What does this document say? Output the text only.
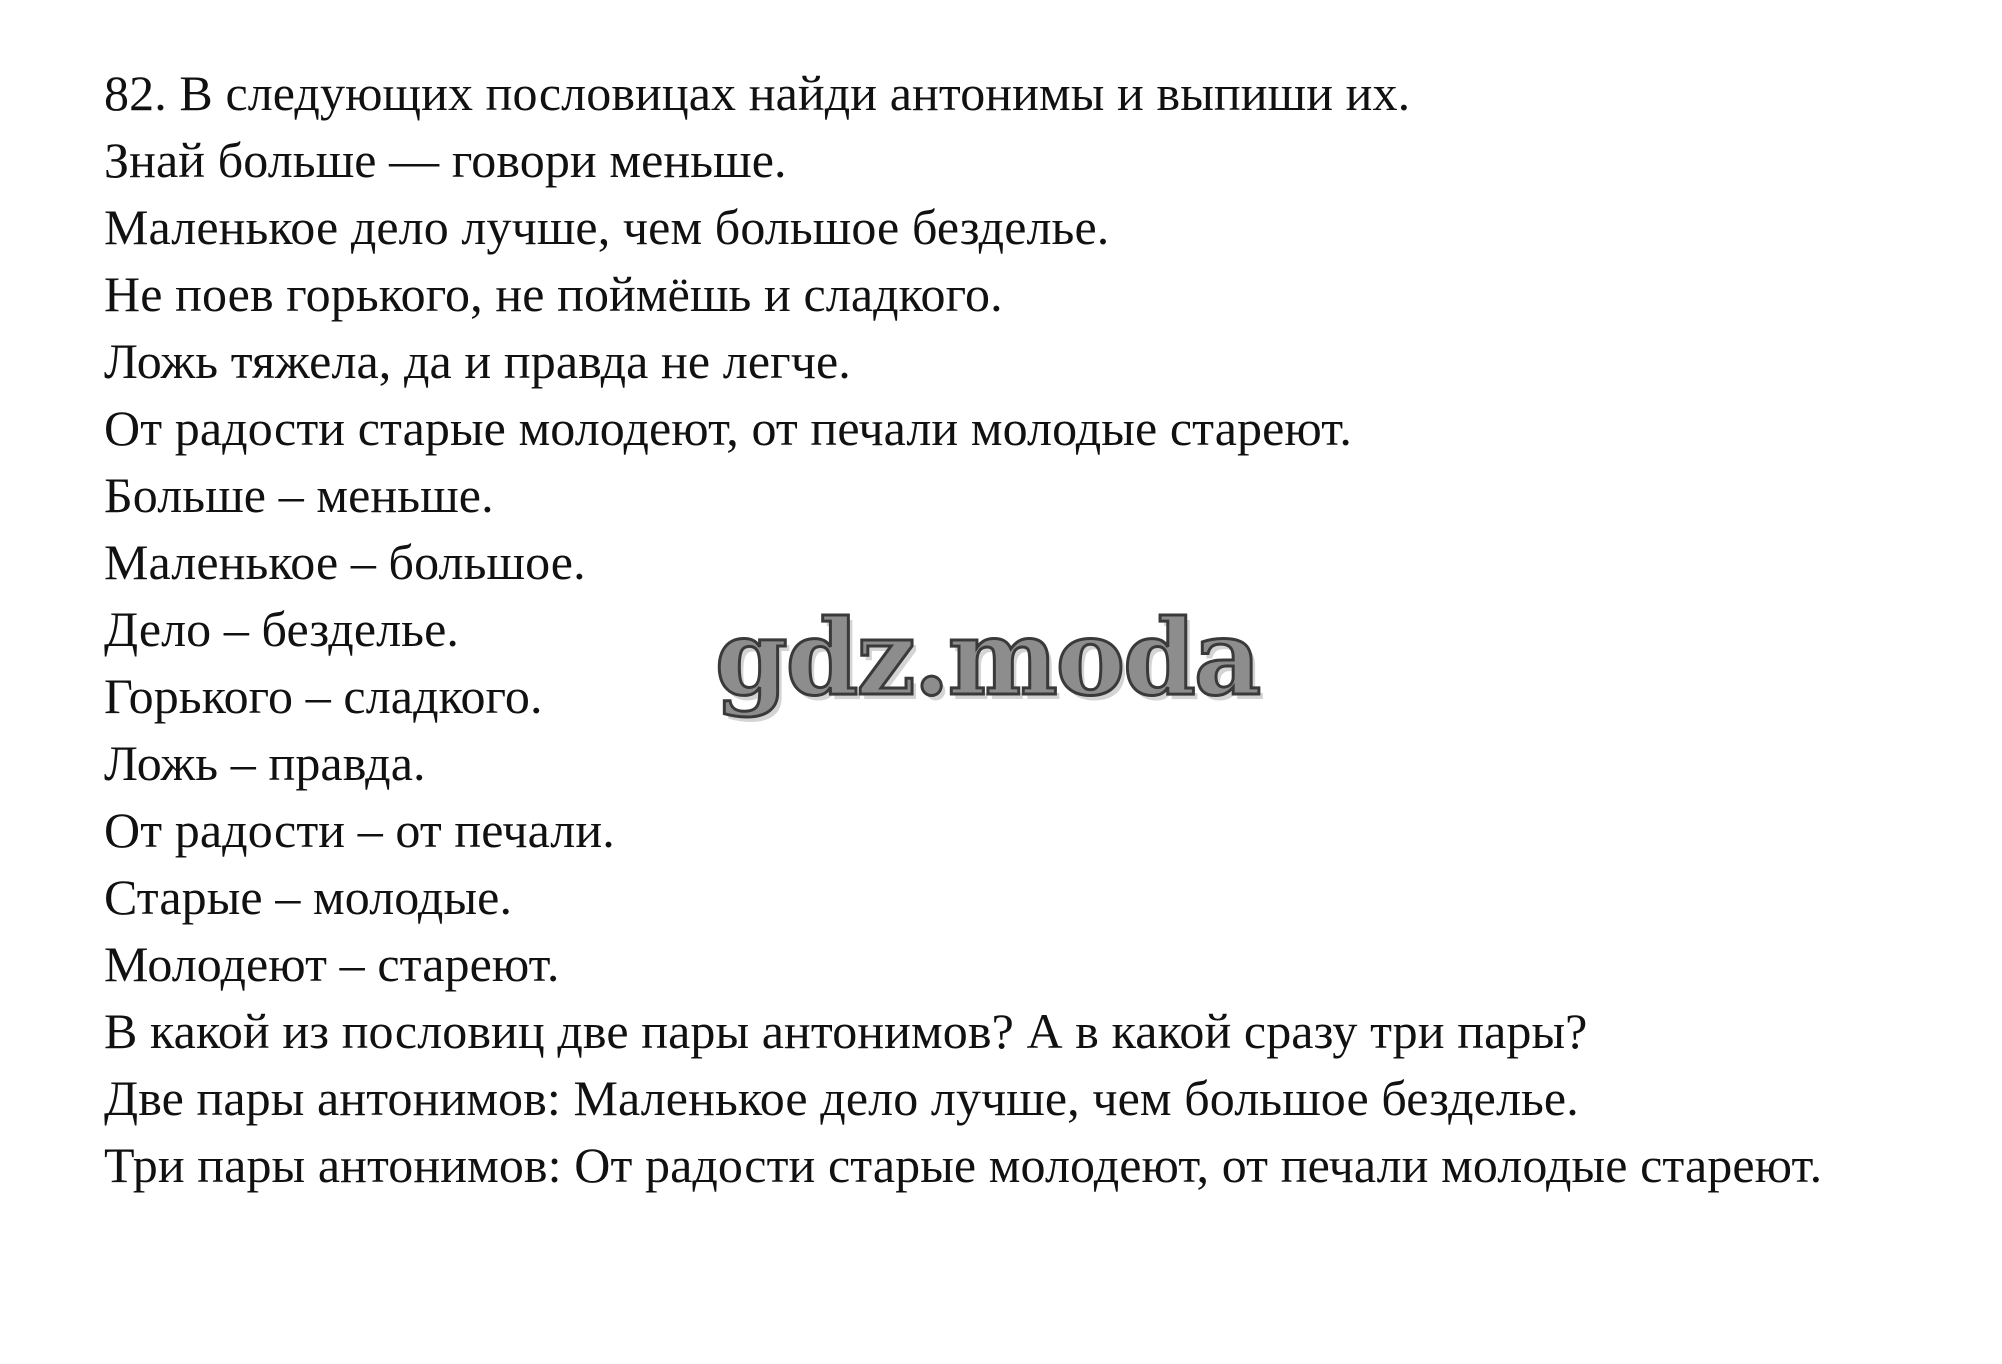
82. В следующих пословицах найди антонимы и выпиши их.
Знай больше — говори меньше.
Маленькое дело лучше, чем большое безделье.
Не поев горького, не поймёшь и сладкого.
Ложь тяжела, да и правда не легче.
От радости старые молодеют, от печали молодые стареют.
Больше – меньше.
Маленькое – большое.
Дело – безделье.
Горького – сладкого.
Ложь – правда.
От радости – от печали.
Старые – молодые.
Молодеют – стареют.
В какой из пословиц две пары антонимов? А в какой сразу три пары?
Две пары антонимов: Маленькое дело лучше, чем большое безделье.
Три пары антонимов: От радости старые молодеют, от печали молодые стареют.
gdz.moda
